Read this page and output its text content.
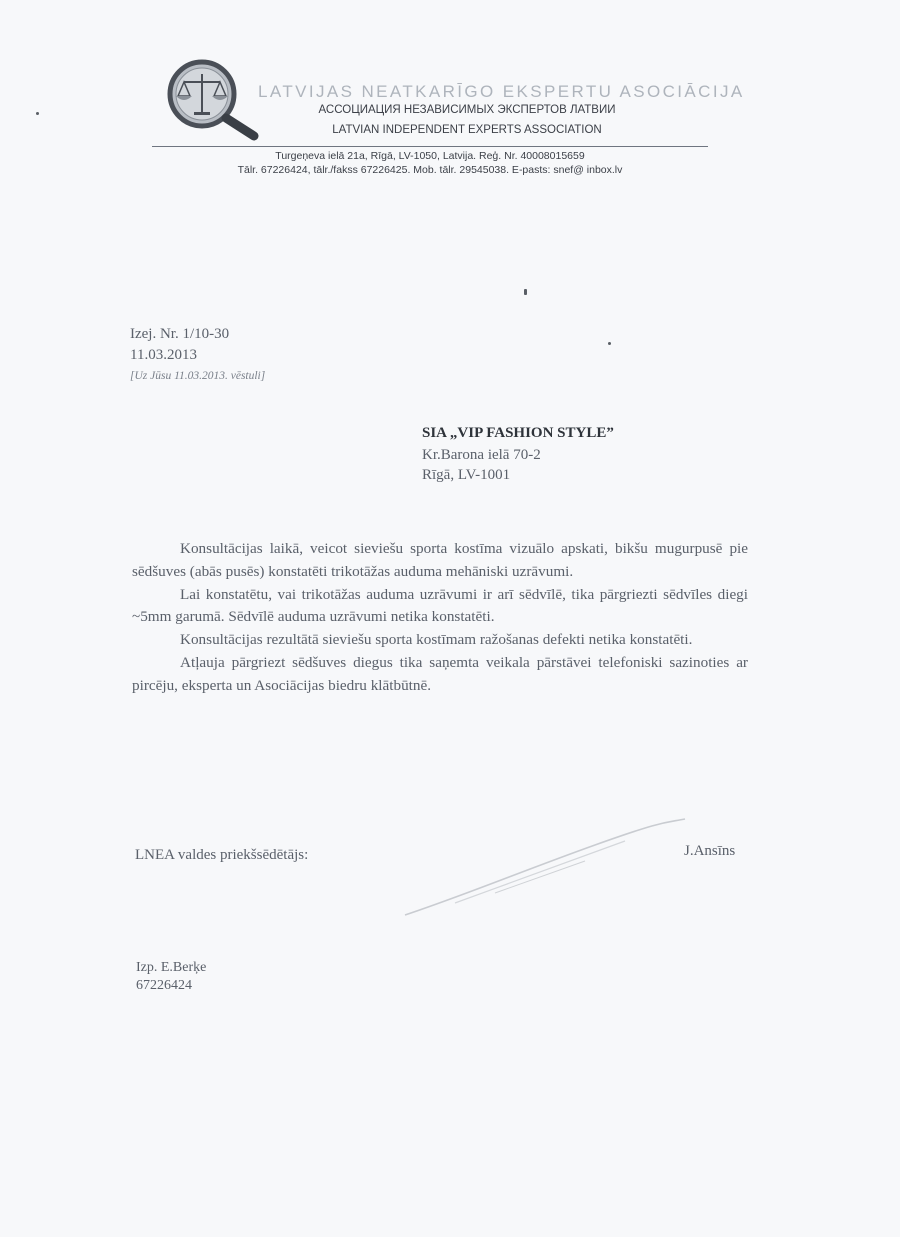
LATVIJAS NEATKARĪGO EKSPERTU ASOCIĀCIJA
АССОЦИАЦИЯ НЕЗАВИСИМЫХ ЭКСПЕРТОВ ЛАТВИИ
LATVIAN INDEPENDENT EXPERTS ASSOCIATION
Turgeņeva ielā 21a, Rīgā, LV-1050, Latvija. Reģ. Nr. 40008015659
Tālr. 67226424, tālr./fakss 67226425. Mob. tālr. 29545038. E-pasts: snef@ inbox.lv
Izej. Nr. 1/10-30
11.03.2013
[Uz Jūsu 11.03.2013. vēstuli]
SIA „VIP FASHION STYLE”
Kr.Barona ielā 70-2
Rīgā, LV-1001

Konsultācijas laikā, veicot sieviešu sporta kostīma vizuālo apskati, bikšu mugurpusē pie sēdšuves (abās pusēs) konstatēti trikotāžas auduma mehāniski uzrāvumi.

Lai konstatētu, vai trikotāžas auduma uzrāvumi ir arī sēdvīlē, tika pārgriezti sēdvīles diegi ~5mm garumā. Sēdvīlē auduma uzrāvumi netika konstatēti.

Konsultācijas rezultātā sieviešu sporta kostīmam ražošanas defekti netika konstatēti.

Atļauja pārgriezt sēdšuves diegus tika saņemta veikala pārstāvei telefoniski sazinoties ar pircēju, eksperta un Asociācijas biedru klātbūtnē.

LNEA valdes priekšsēdētājs:	J.Ansīns
Izp. E.Berķe
67226424
